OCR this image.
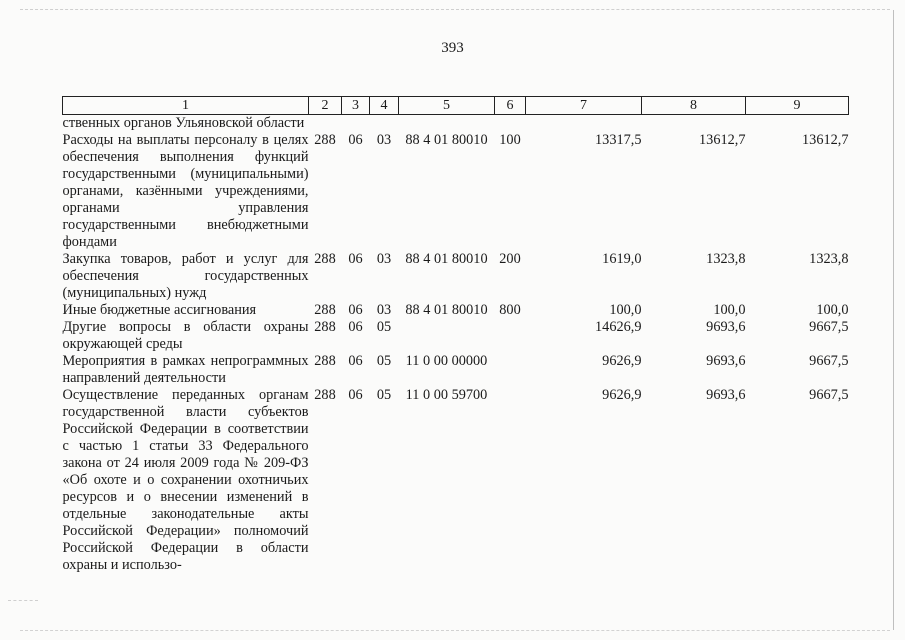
393
1	2	3	4	5	6	7	8	9
ственных органов Ульяновской области								
Расходы на выплаты персоналу в целях обеспечения выполнения функций государственными (муниципальными) органами, казёнными учреждениями, органами управления государственными внебюджетными фондами	288	06	03	88 4 01 80010	100	13317,5	13612,7	13612,7
Закупка товаров, работ и услуг для обеспечения государственных (муниципальных) нужд	288	06	03	88 4 01 80010	200	1619,0	1323,8	1323,8
Иные бюджетные ассигнования	288	06	03	88 4 01 80010	800	100,0	100,0	100,0
Другие вопросы в области охраны окружающей среды	288	06	05			14626,9	9693,6	9667,5
Мероприятия в рамках непрограммных направлений деятельности	288	06	05	11 0 00 00000		9626,9	9693,6	9667,5
Осуществление переданных органам государственной власти субъектов Российской Федерации в соответствии с частью 1 статьи 33 Федерального закона от 24 июля 2009 года № 209-ФЗ «Об охоте и о сохранении охотничьих ресурсов и о внесении изменений в отдельные законодательные акты Российской Федерации» полномочий Российской Федерации в области охраны и использо-	288	06	05	11 0 00 59700		9626,9	9693,6	9667,5
